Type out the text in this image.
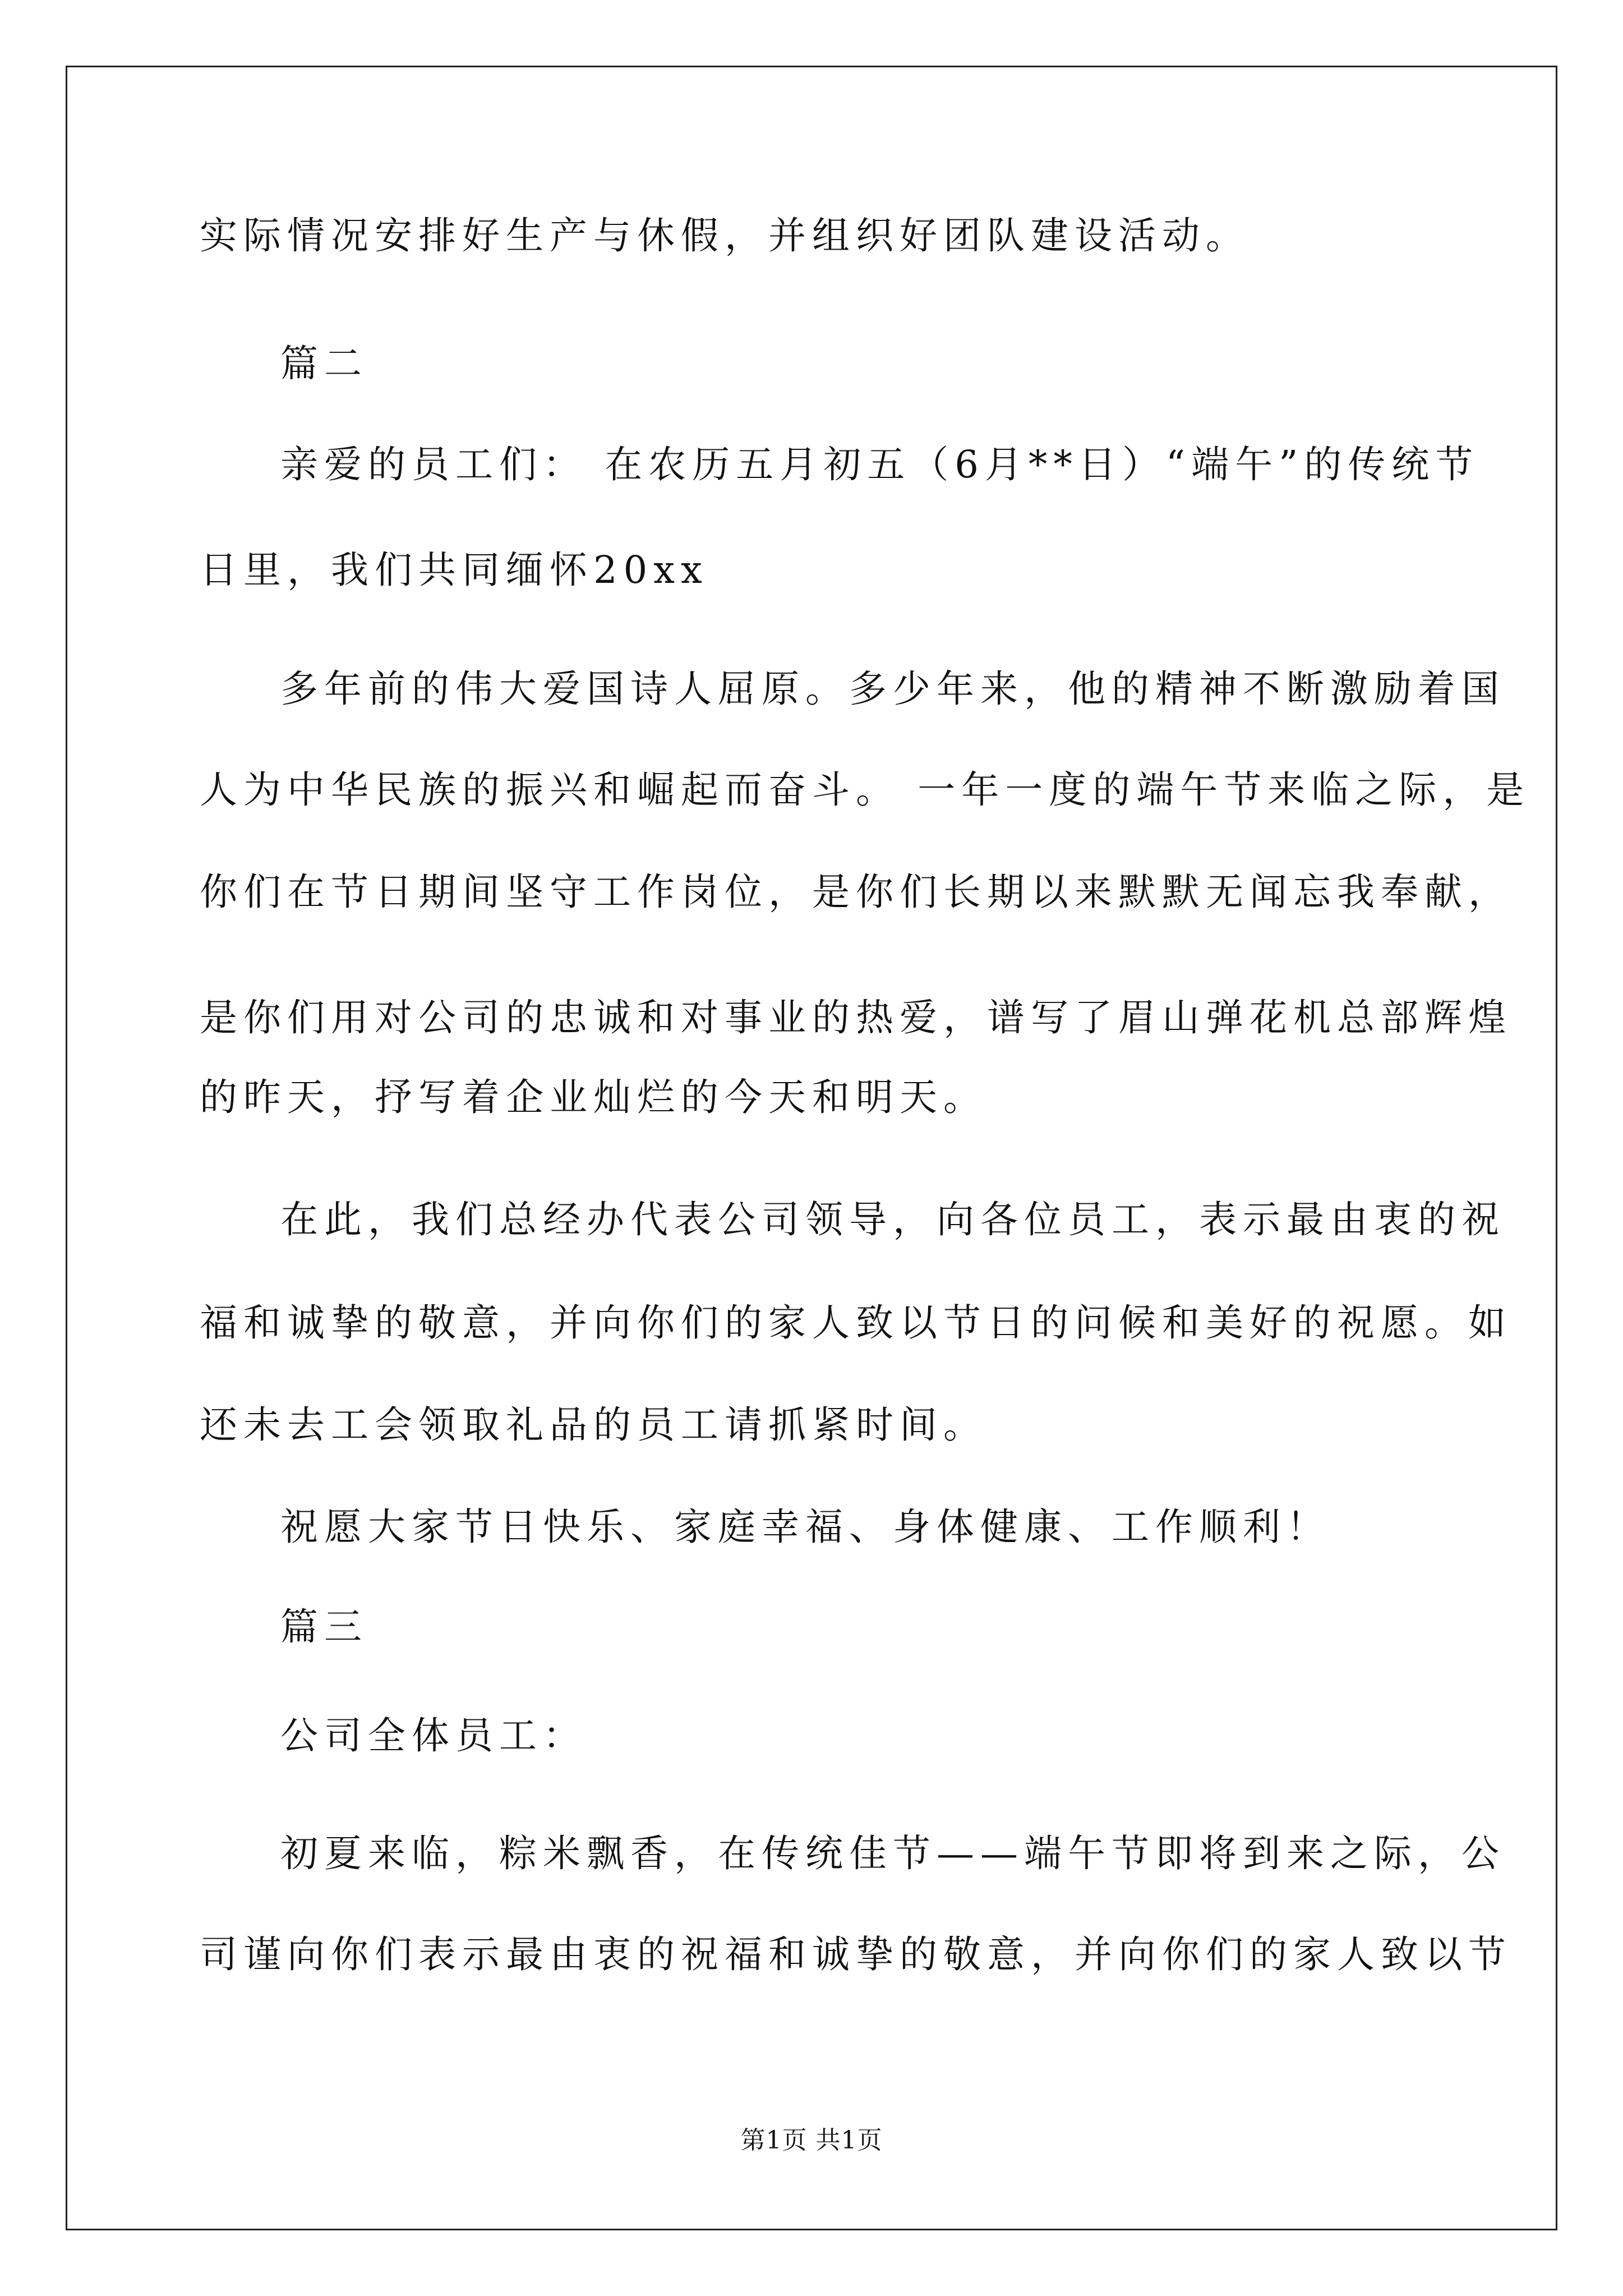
实际情况安排好生产与休假，并组织好团队建设活动。
篇二
亲爱的员工们： 在农历五月初五（6月**日）“端午”的传统节
日里，我们共同缅怀20xx
多年前的伟大爱国诗人屈原。多少年来，他的精神不断激励着国
人为中华民族的振兴和崛起而奋斗。 一年一度的端午节来临之际，是
你们在节日期间坚守工作岗位，是你们长期以来默默无闻忘我奉献，
是你们用对公司的忠诚和对事业的热爱，谱写了眉山弹花机总部辉煌
的昨天，抒写着企业灿烂的今天和明天。
在此，我们总经办代表公司领导，向各位员工，表示最由衷的祝
福和诚挚的敬意，并向你们的家人致以节日的问候和美好的祝愿。如
还未去工会领取礼品的员工请抓紧时间。
祝愿大家节日快乐、家庭幸福、身体健康、工作顺利！
篇三
公司全体员工：
初夏来临，粽米飘香，在传统佳节——端午节即将到来之际，公
司谨向你们表示最由衷的祝福和诚挚的敬意，并向你们的家人致以节
第1页 共1页
